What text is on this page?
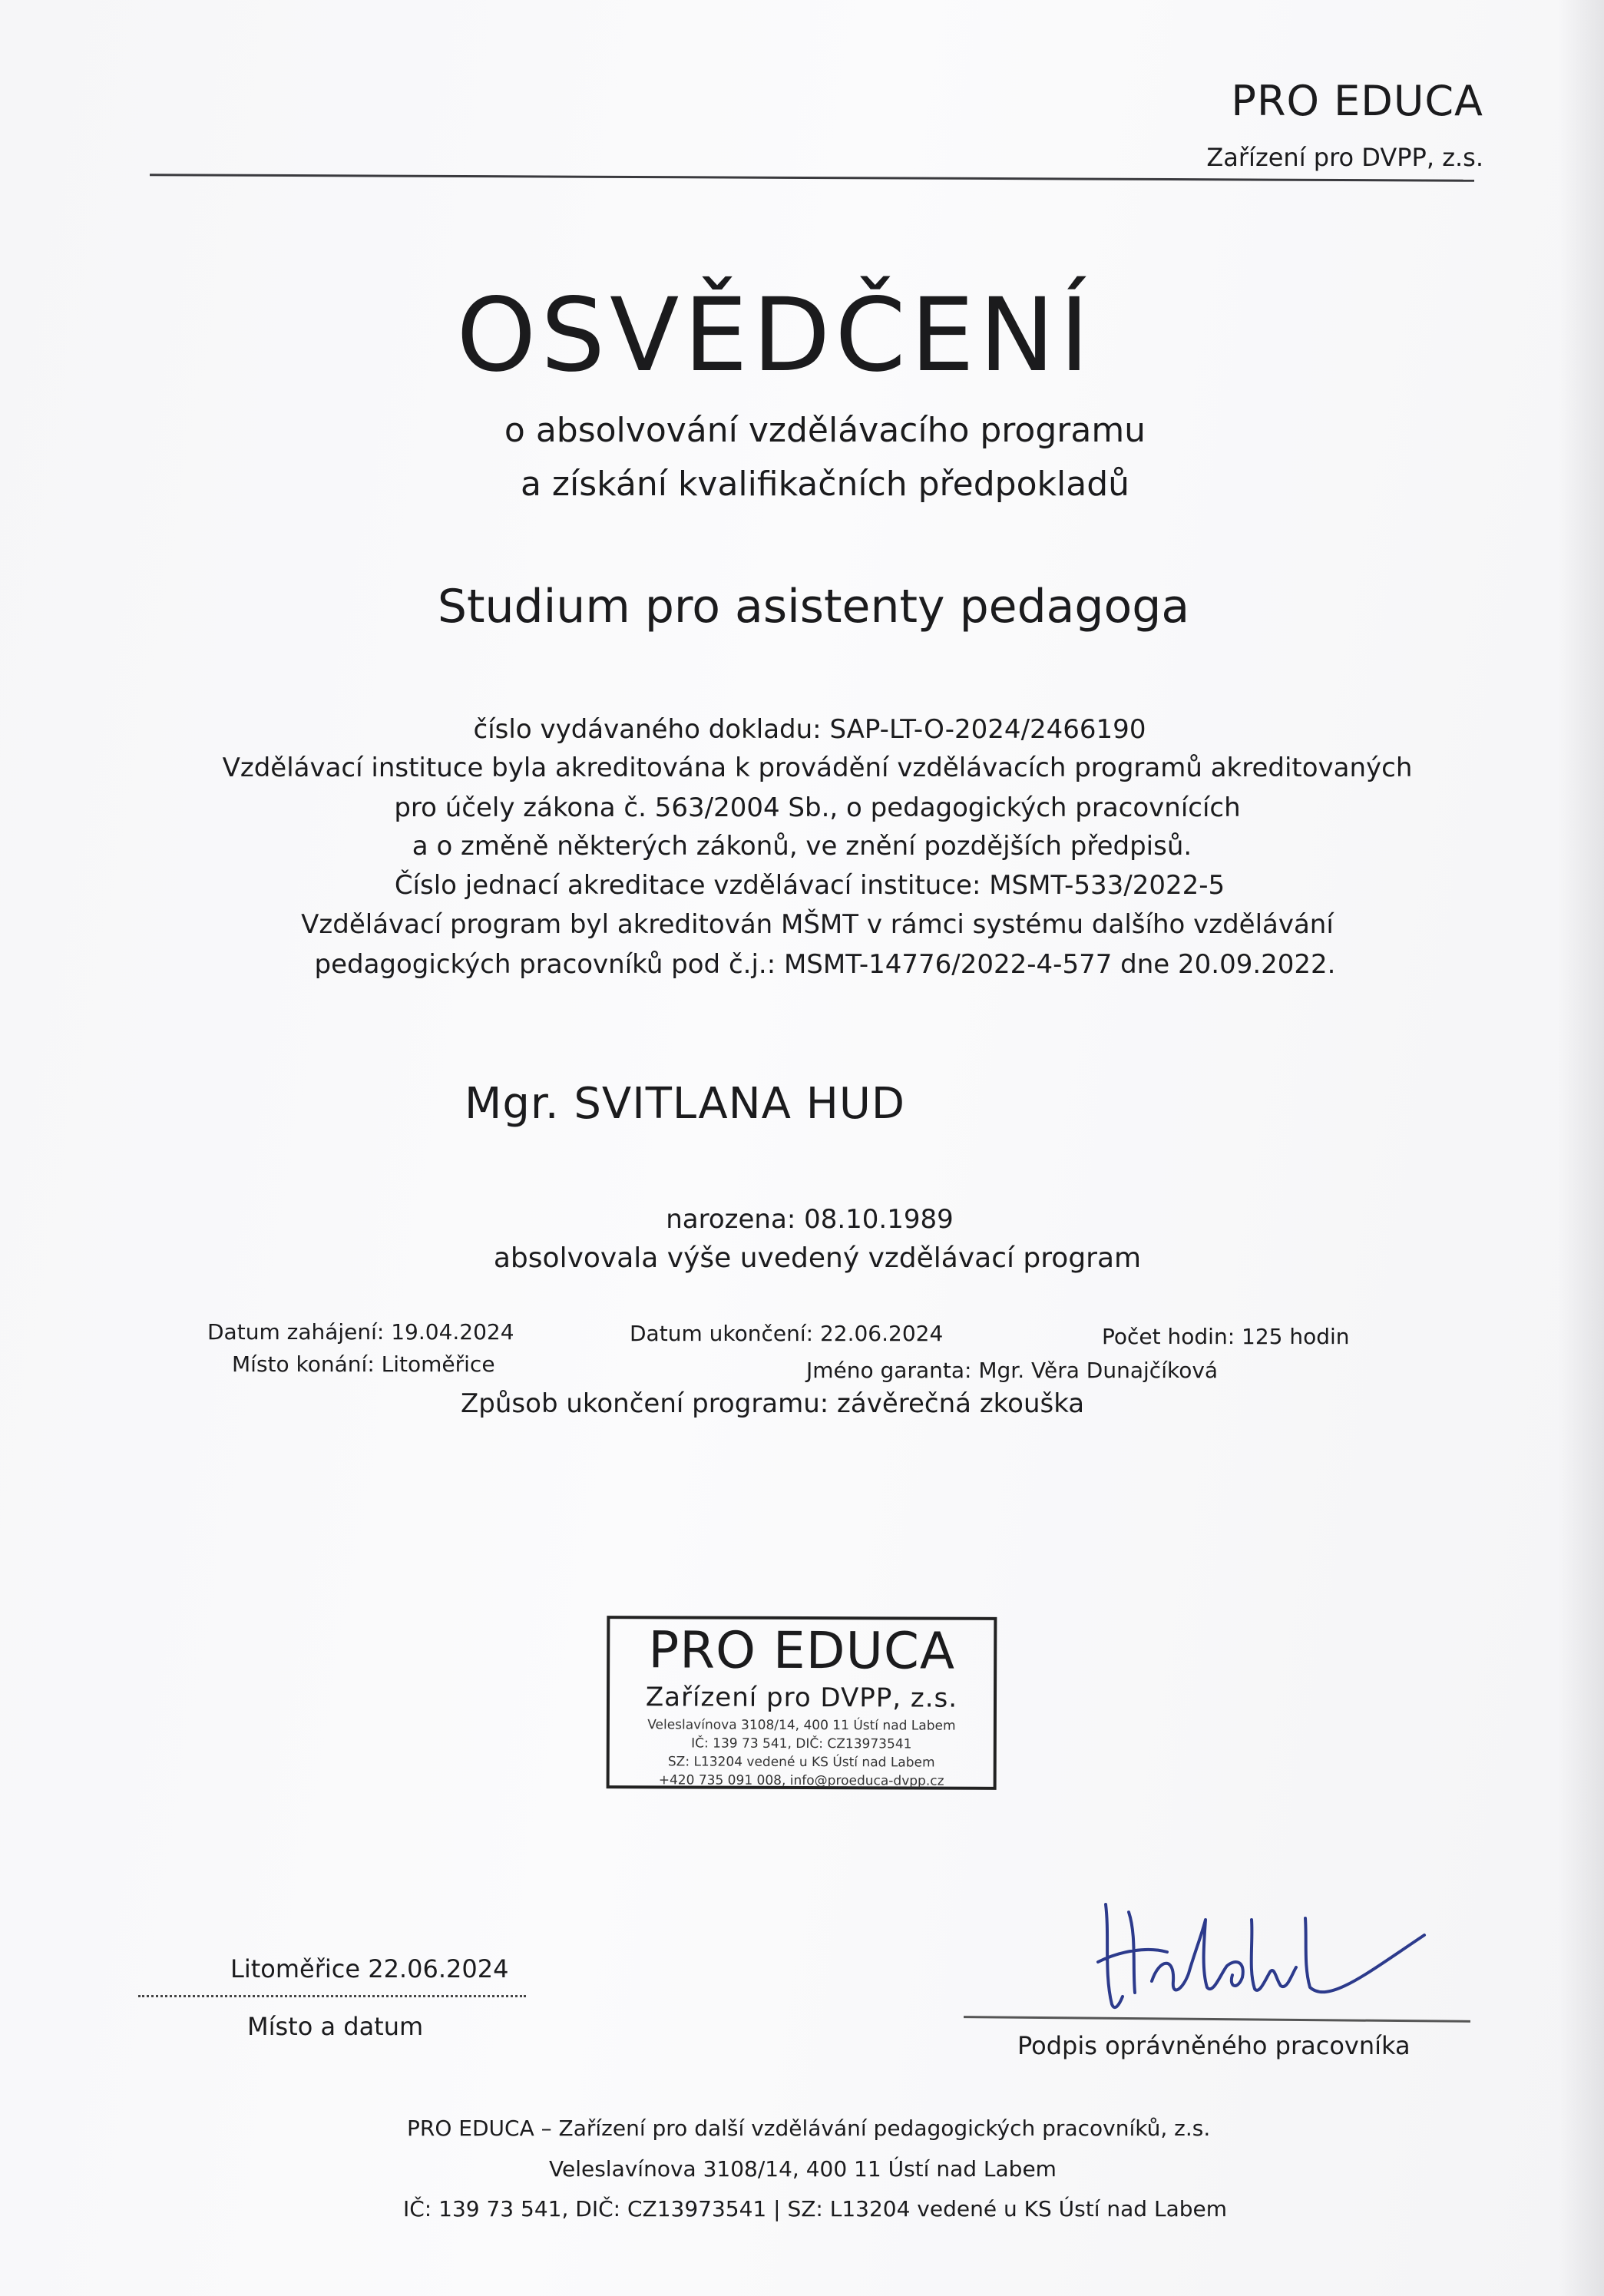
PRO EDUCA
Zařízení pro DVPP, z.s.
OSVĚDČENÍ
o absolvování vzdělávacího programu
a získání kvalifikačních předpokladů
Studium pro asistenty pedagoga
číslo vydávaného dokladu: SAP-LT-O-2024/2466190
Vzdělávací instituce byla akreditována k provádění vzdělávacích programů akreditovaných
pro účely zákona č. 563/2004 Sb., o pedagogických pracovnících
a o změně některých zákonů, ve znění pozdějších předpisů.
Číslo jednací akreditace vzdělávací instituce: MSMT-533/2022-5
Vzdělávací program byl akreditován MŠMT v rámci systému dalšího vzdělávání
pedagogických pracovníků pod č.j.: MSMT-14776/2022-4-577 dne 20.09.2022.
Mgr. SVITLANA HUD
narozena: 08.10.1989
absolvovala výše uvedený vzdělávací program
Datum zahájení: 19.04.2024	Datum ukončení: 22.06.2024	Počet hodin: 125 hodin
Místo konání: Litoměřice	Jméno garanta: Mgr. Věra Dunajčíková
Způsob ukončení programu: závěrečná zkouška
PRO EDUCA
Zařízení pro DVPP, z.s.
Veleslavínova 3108/14, 400 11 Ústí nad Labem
IČ: 139 73 541, DIČ: CZ13973541
SZ: L13204 vedené u KS Ústí nad Labem
+420 735 091 008, info@proeduca-dvpp.cz
Litoměřice 22.06.2024
Místo a datum
Podpis oprávněného pracovníka
PRO EDUCA – Zařízení pro další vzdělávání pedagogických pracovníků, z.s.
Veleslavínova 3108/14, 400 11 Ústí nad Labem
IČ: 139 73 541, DIČ: CZ13973541 | SZ: L13204 vedené u KS Ústí nad Labem
